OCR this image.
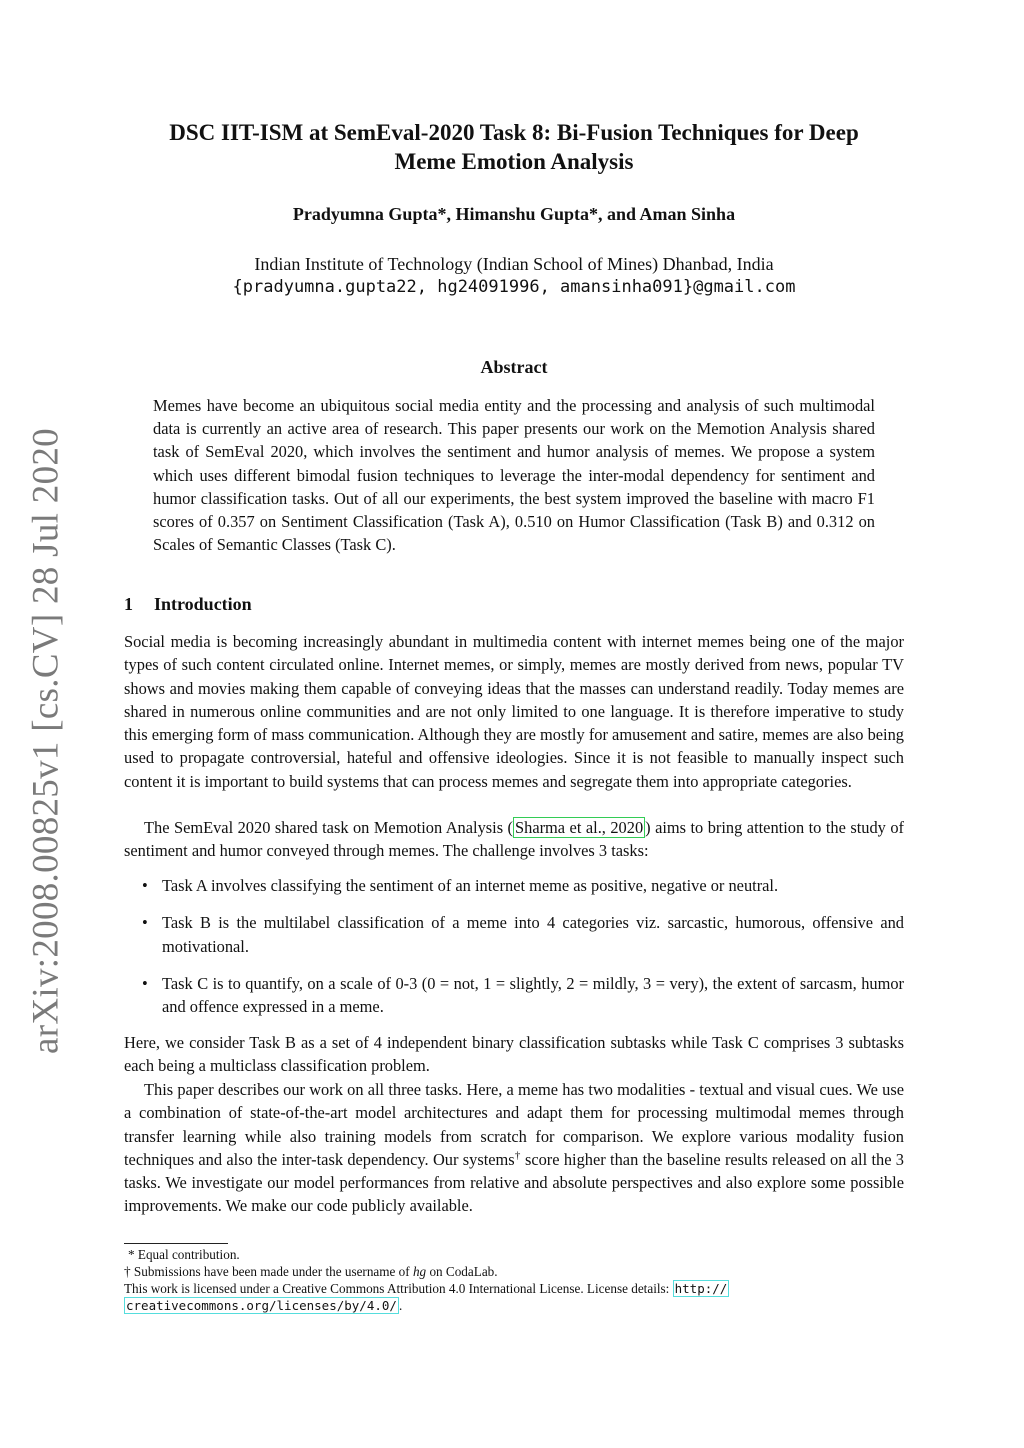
arXiv:2008.00825v1 [cs.CV] 28 Jul 2020
DSC IIT-ISM at SemEval-2020 Task 8: Bi-Fusion Techniques for Deep
Meme Emotion Analysis
Pradyumna Gupta*, Himanshu Gupta*, and Aman Sinha
Indian Institute of Technology (Indian School of Mines) Dhanbad, India
{pradyumna.gupta22, hg24091996, amansinha091}@gmail.com
Abstract
Memes have become an ubiquitous social media entity and the processing and analysis of such multimodal data is currently an active area of research. This paper presents our work on the Memotion Analysis shared task of SemEval 2020, which involves the sentiment and humor analysis of memes. We propose a system which uses different bimodal fusion techniques to leverage the inter-modal dependency for sentiment and humor classification tasks. Out of all our experiments, the best system improved the baseline with macro F1 scores of 0.357 on Sentiment Classification (Task A), 0.510 on Humor Classification (Task B) and 0.312 on Scales of Semantic Classes (Task C).
1 Introduction
Social media is becoming increasingly abundant in multimedia content with internet memes being one of the major types of such content circulated online. Internet memes, or simply, memes are mostly derived from news, popular TV shows and movies making them capable of conveying ideas that the masses can understand readily. Today memes are shared in numerous online communities and are not only limited to one language. It is therefore imperative to study this emerging form of mass communication. Although they are mostly for amusement and satire, memes are also being used to propagate controversial, hateful and offensive ideologies. Since it is not feasible to manually inspect such content it is important to build systems that can process memes and segregate them into appropriate categories.
The SemEval 2020 shared task on Memotion Analysis ( Sharma et al., 2020 ) aims to bring attention to the study of sentiment and humor conveyed through memes. The challenge involves 3 tasks:
• Task A involves classifying the sentiment of an internet meme as positive, negative or neutral.
• Task B is the multilabel classification of a meme into 4 categories viz. sarcastic, humorous, offensive and motivational.
• Task C is to quantify, on a scale of 0-3 (0 = not, 1 = slightly, 2 = mildly, 3 = very), the extent of sarcasm, humor and offence expressed in a meme.
Here, we consider Task B as a set of 4 independent binary classification subtasks while Task C comprises 3 subtasks each being a multiclass classification problem.
This paper describes our work on all three tasks. Here, a meme has two modalities - textual and visual cues. We use a combination of state-of-the-art model architectures and adapt them for processing multimodal memes through transfer learning while also training models from scratch for comparison. We explore various modality fusion techniques and also the inter-task dependency. Our systems† score higher than the baseline results released on all the 3 tasks. We investigate our model performances from relative and absolute perspectives and also explore some possible improvements. We make our code publicly available.
* Equal contribution.
† Submissions have been made under the username of hg on CodaLab.
This work is licensed under a Creative Commons Attribution 4.0 International License. License details: http://
creativecommons.org/licenses/by/4.0/ .
